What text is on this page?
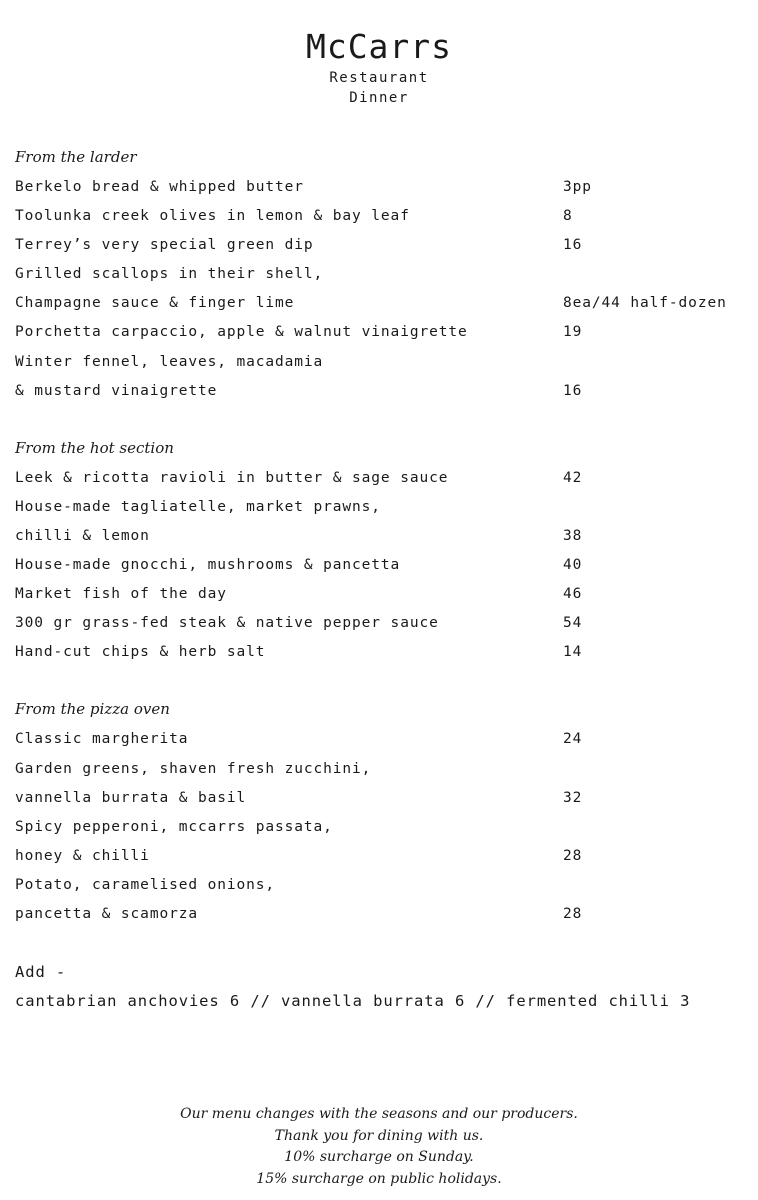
McCarrs
Restaurant
Dinner
From the larder
Berkelo bread & whipped butter	3pp
Toolunka creek olives in lemon & bay leaf	8
Terrey’s very special green dip	16
Grilled scallops in their shell,
Champagne sauce & finger lime	8ea/44 half-dozen
Porchetta carpaccio, apple & walnut vinaigrette	19
Winter fennel, leaves, macadamia
& mustard vinaigrette	16
From the hot section
Leek & ricotta ravioli in butter & sage sauce	42
House-made tagliatelle, market prawns,
chilli & lemon	38
House-made gnocchi, mushrooms & pancetta	40
Market fish of the day	46
300 gr grass-fed steak & native pepper sauce	54
Hand-cut chips & herb salt	14
From the pizza oven
Classic margherita	24
Garden greens, shaven fresh zucchini,
vannella burrata & basil	32
Spicy pepperoni, mccarrs passata,
honey & chilli	28
Potato, caramelised onions,
pancetta & scamorza	28
Add -
cantabrian anchovies 6 // vannella burrata 6 // fermented chilli 3
Our menu changes with the seasons and our producers.
Thank you for dining with us.
10% surcharge on Sunday.
15% surcharge on public holidays.
